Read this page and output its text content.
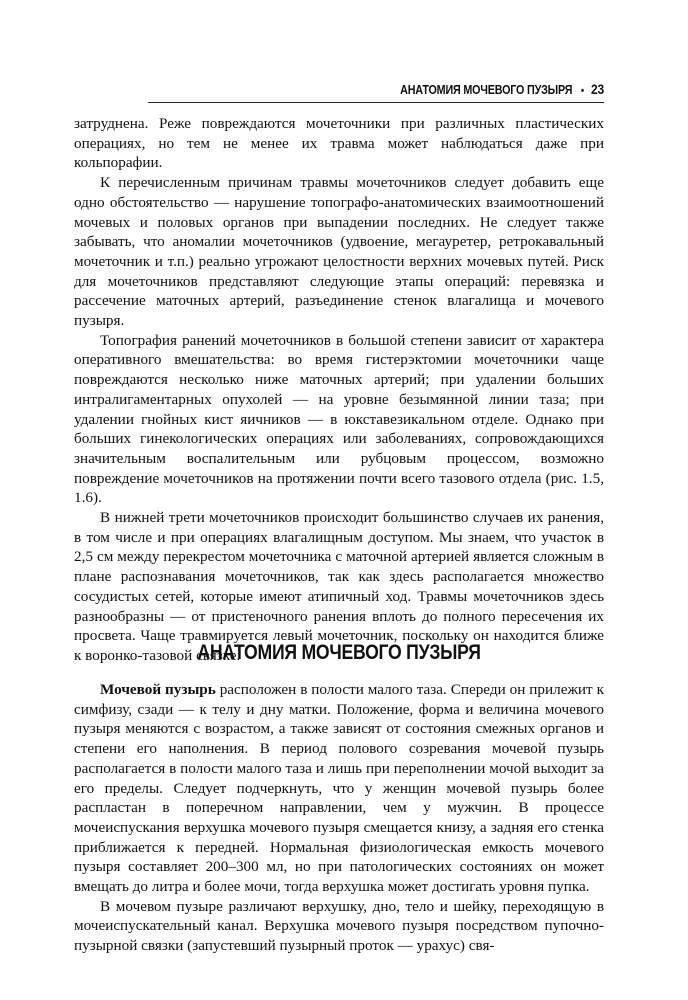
АНАТОМИЯ МОЧЕВОГО ПУЗЫРЯ • 23

затруднена. Реже повреждаются мочеточники при различных пластических операциях, но тем не менее их травма может наблюдаться даже при кольпорафии.

К перечисленным причинам травмы мочеточников следует добавить еще одно обстоятельство — нарушение топографо-анатомических взаимоотношений мочевых и половых органов при выпадении последних. Не следует также забывать, что аномалии мочеточников (удвоение, мегауретер, ретрокавальный мочеточник и т.п.) реально угрожают целостности верхних мочевых путей. Риск для мочеточников представляют следующие этапы операций: перевязка и рассечение маточных артерий, разъединение стенок влагалища и мочевого пузыря.

Топография ранений мочеточников в большой степени зависит от характера оперативного вмешательства: во время гистерэктомии мочеточники чаще повреждаются несколько ниже маточных артерий; при удалении больших интралигаментарных опухолей — на уровне безымянной линии таза; при удалении гнойных кист яичников — в юкставезикальном отделе. Однако при больших гинекологических операциях или заболеваниях, сопровождающихся значительным воспалительным или рубцовым процессом, возможно повреждение мочеточников на протяжении почти всего тазового отдела (рис. 1.5, 1.6).

В нижней трети мочеточников происходит большинство случаев их ранения, в том числе и при операциях влагалищным доступом. Мы знаем, что участок в 2,5 см между перекрестом мочеточника с маточной артерией является сложным в плане распознавания мочеточников, так как здесь располагается множество сосудистых сетей, которые имеют атипичный ход. Травмы мочеточников здесь разнообразны — от пристеночного ранения вплоть до полного пересечения их просвета. Чаще травмируется левый мочеточник, поскольку он находится ближе к воронко-тазовой связке.

АНАТОМИЯ МОЧЕВОГО ПУЗЫРЯ

Мочевой пузырь расположен в полости малого таза. Спереди он прилежит к симфизу, сзади — к телу и дну матки. Положение, форма и величина мочевого пузыря меняются с возрастом, а также зависят от состояния смежных органов и степени его наполнения. В период полового созревания мочевой пузырь располагается в полости малого таза и лишь при переполнении мочой выходит за его пределы. Следует подчеркнуть, что у женщин мочевой пузырь более распластан в поперечном направлении, чем у мужчин. В процессе мочеиспускания верхушка мочевого пузыря смещается книзу, а задняя его стенка приближается к передней. Нормальная физиологическая емкость мочевого пузыря составляет 200–300 мл, но при патологических состояниях он может вмещать до литра и более мочи, тогда верхушка может достигать уровня пупка.

В мочевом пузыре различают верхушку, дно, тело и шейку, переходящую в мочеиспускательный канал. Верхушка мочевого пузыря посредством пупочно-пузырной связки (запустевший пузырный проток — урахус) свя-
